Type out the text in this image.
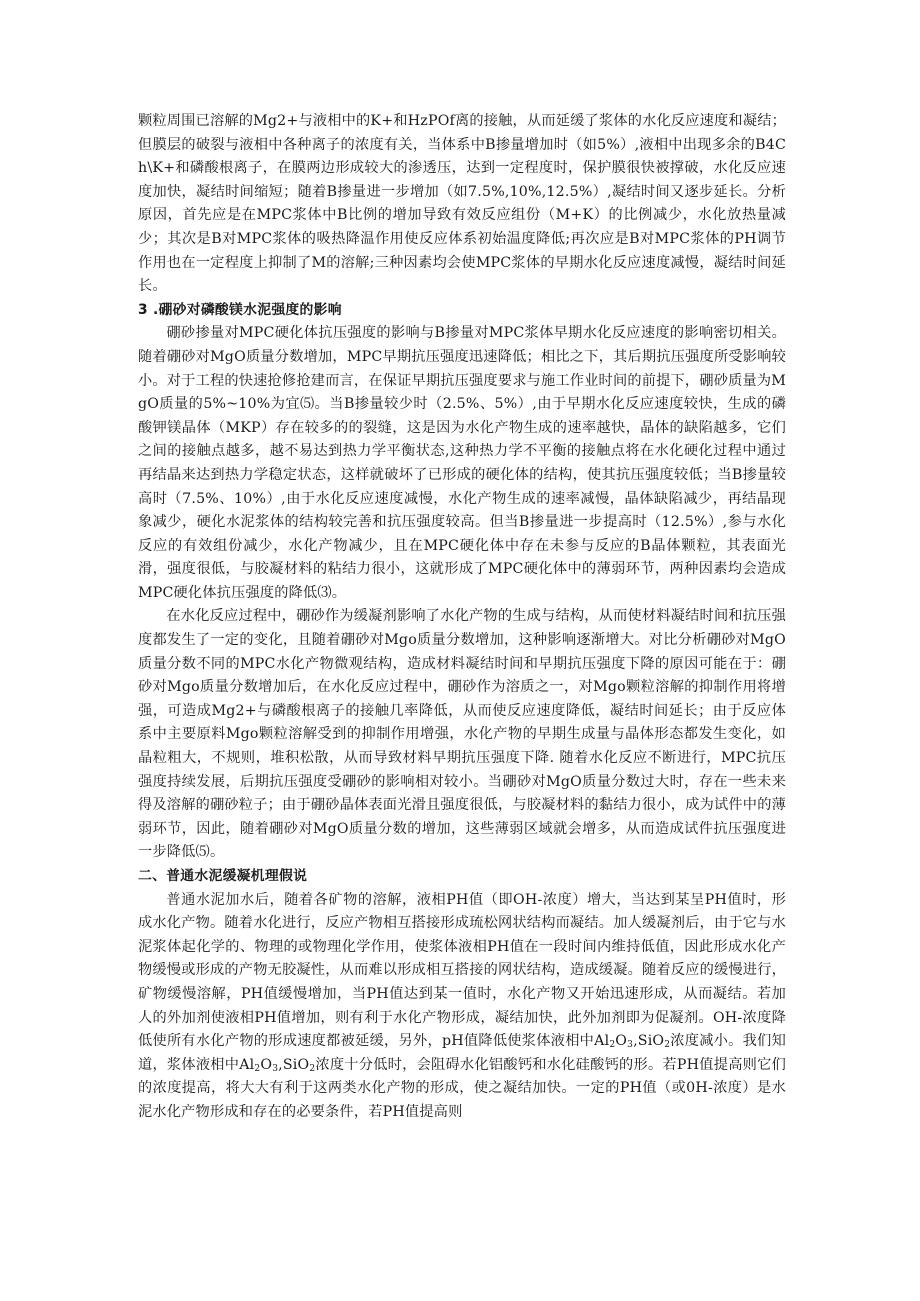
颗粒周围已溶解的Mg2+与液相中的K+和HzPOf离的接触，从而延缓了浆体的水化反应速度和凝结；但膜层的破裂与液相中各种离子的浓度有关，当体系中B掺量增加时（如5%）,液相中出现多余的B4Ch\K+和磷酸根离子，在膜两边形成较大的渗透压，达到一定程度时，保护膜很快被撑破，水化反应速度加快，凝结时间缩短；随着B掺量进一步增加（如7.5%,10%,12.5%）,凝结时间又逐步延长。分析原因，首先应是在MPC浆体中B比例的增加导致有效反应组份（M+K）的比例减少，水化放热量减少；其次是B对MPC浆体的吸热降温作用使反应体系初始温度降低;再次应是B对MPC浆体的PH调节作用也在一定程度上抑制了M的溶解;三种因素均会使MPC浆体的早期水化反应速度减慢，凝结时间延长。

3 .硼砂对磷酸镁水泥强度的影响

硼砂掺量对MPC硬化体抗压强度的影响与B掺量对MPC浆体早期水化反应速度的影响密切相关。随着硼砂对MgO质量分数增加，MPC早期抗压强度迅速降低；相比之下，其后期抗压强度所受影响较小。对于工程的快速抢修抢建而言，在保证早期抗压强度要求与施工作业时间的前提下，硼砂质量为MgO质量的5%~10%为宜⑸。当B掺量较少时（2.5%、5%）,由于早期水化反应速度较快，生成的磷酸钾镁晶体（MKP）存在较多的的裂缝，这是因为水化产物生成的速率越快，晶体的缺陷越多，它们之间的接触点越多，越不易达到热力学平衡状态,这种热力学不平衡的接触点将在水化硬化过程中通过再结晶来达到热力学稳定状态，这样就破坏了已形成的硬化体的结构，使其抗压强度较低；当B掺量较高时（7.5%、10%）,由于水化反应速度减慢，水化产物生成的速率减慢，晶体缺陷减少，再结晶现象减少，硬化水泥浆体的结构较完善和抗压强度较高。但当B掺量进一步提高时（12.5%）,参与水化反应的有效组份减少，水化产物减少，且在MPC硬化体中存在未参与反应的B晶体颗粒，其表面光滑，强度很低，与胶凝材料的粘结力很小，这就形成了MPC硬化体中的薄弱环节，两种因素均会造成MPC硬化体抗压强度的降低⑶。

在水化反应过程中，硼砂作为缓凝剂影响了水化产物的生成与结构，从而使材料凝结时间和抗压强度都发生了一定的变化，且随着硼砂对Mgo质量分数增加，这种影响逐渐增大。对比分析硼砂对MgO质量分数不同的MPC水化产物微观结构，造成材料凝结时间和早期抗压强度下降的原因可能在于：硼砂对Mgo质量分数增加后，在水化反应过程中，硼砂作为溶质之一，对Mgo颗粒溶解的抑制作用将增强，可造成Mg2+与磷酸根离子的接触几率降低，从而使反应速度降低，凝结时间延长；由于反应体系中主要原料Mgo颗粒溶解受到的抑制作用增强，水化产物的早期生成量与晶体形态都发生变化，如晶粒粗大，不规则，堆积松散，从而导致材料早期抗压强度下降. 随着水化反应不断进行，MPC抗压强度持续发展，后期抗压强度受硼砂的影响相对较小。当硼砂对MgO质量分数过大时，存在一些未来得及溶解的硼砂粒子；由于硼砂晶体表面光滑且强度很低，与胶凝材料的黏结力很小，成为试件中的薄弱环节，因此，随着硼砂对MgO质量分数的增加，这些薄弱区域就会增多，从而造成试件抗压强度进一步降低⑸。

二、普通水泥缓凝机理假说

普通水泥加水后，随着各矿物的溶解，液相PH值（即OH-浓度）增大，当达到某呈PH值时，形成水化产物。随着水化进行，反应产物相互搭接形成琉松网状结构而凝结。加人缓凝剂后，由于它与水泥浆体起化学的、物理的或物理化学作用，使浆体液相PH值在一段时间内维持低值，因此形成水化产物缓慢或形成的产物无胶凝性，从而难以形成相互搭接的网状结构，造成缓凝。随着反应的缓慢进行，矿物缓慢溶解，PH值缓慢增加，当PH值达到某一值时，水化产物又开始迅速形成，从而凝结。若加人的外加剂使液相PH值增加，则有利于水化产物形成，凝结加快，此外加剂即为促凝剂。OH-浓度降低使所有水化产物的形成速度都被延缓，另外，pH值降低使浆体液相中$Al_2O_3,SiO_2$浓度减小。我们知道，浆体液相中$Al_2O_3,SiO_2$浓度十分低时，会阻碍水化铝酸钙和水化硅酸钙的形。若PH值提高则它们的浓度提高，将大大有利于这两类水化产物的形成，使之凝结加快。一定的PH值（或0H-浓度）是水泥水化产物形成和存在的必要条件，若PH值提高则
